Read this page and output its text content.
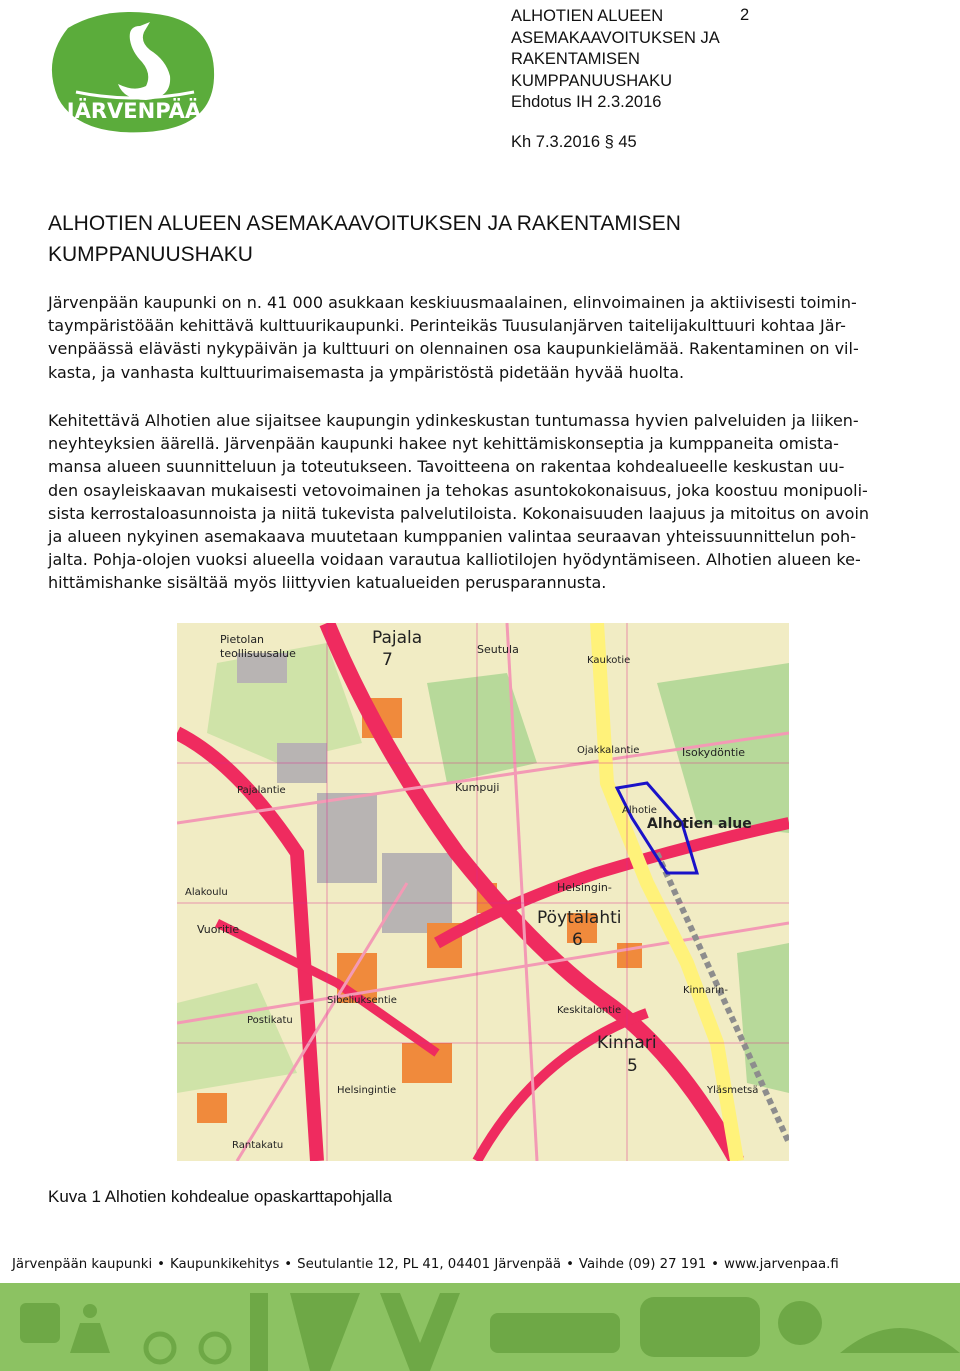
JÄRVENPÄÄ
ALHOTIEN ALUEEN
ASEMAKAAVOITUKSEN JA
RAKENTAMISEN
KUMPPANUUSHAKU
Ehdotus IH 2.3.2016
2
Kh 7.3.2016 § 45
ALHOTIEN ALUEEN ASEMAKAAVOITUKSEN JA RAKENTAMISEN
KUMPPANUUSHAKU
Järvenpään kaupunki on n. 41 000 asukkaan keskiuusmaalainen, elinvoimainen ja aktiivisesti toimin-
taympäristöään kehittävä kulttuurikaupunki. Perinteikäs Tuusulanjärven taitelijakulttuuri kohtaa Jär-
venpäässä elävästi nykypäivän ja kulttuuri on olennainen osa kaupunkielämää. Rakentaminen on vil-
kasta, ja vanhasta kulttuurimaisemasta ja ympäristöstä pidetään hyvää huolta.
Kehitettävä Alhotien alue sijaitsee kaupungin ydinkeskustan tuntumassa hyvien palveluiden ja liiken-
neyhteyksien äärellä. Järvenpään kaupunki hakee nyt kehittämiskonseptia ja kumppaneita omista-
mansa alueen suunnitteluun ja toteutukseen. Tavoitteena on rakentaa kohdealueelle keskustan uu-
den osayleiskaavan mukaisesti vetovoimainen ja tehokas asuntokokonaisuus, joka koostuu monipuoli-
sista kerrostaloasunnoista ja niitä tukevista palvelutiloista. Kokonaisuuden laajuus ja mitoitus on avoin
ja alueen nykyinen asemakaava muutetaan kumppanien valintaa seuraavan yhteissuunnittelun poh-
jalta. Pohja-olojen vuoksi alueella voidaan varautua kalliotilojen hyödyntämiseen. Alhotien alueen ke-
hittämishanke sisältää myös liittyvien katualueiden perusparannusta.
Alhotien alue
Pajala
7
Pöytälahti
6
Kinnari
5
Pietolan
teollisuusalue
Kumpuji
Seutula
Isokydöntie
Kinnarin-
Helsingin-
Vuoritie
Alakoulu
Sibeliuksentie
Helsingintie
Postikatu
Rantakatu
Pajalantie
Keskitalontie
Kaukotie
Alhotie
Ojakkalantie
Yläsmetsä
Kuva 1 Alhotien kohdealue opaskarttapohjalla
Järvenpään kaupunki • Kaupunkikehitys • Seutulantie 12, PL 41, 04401 Järvenpää • Vaihde (09) 27 191 • www.jarvenpaa.fi
